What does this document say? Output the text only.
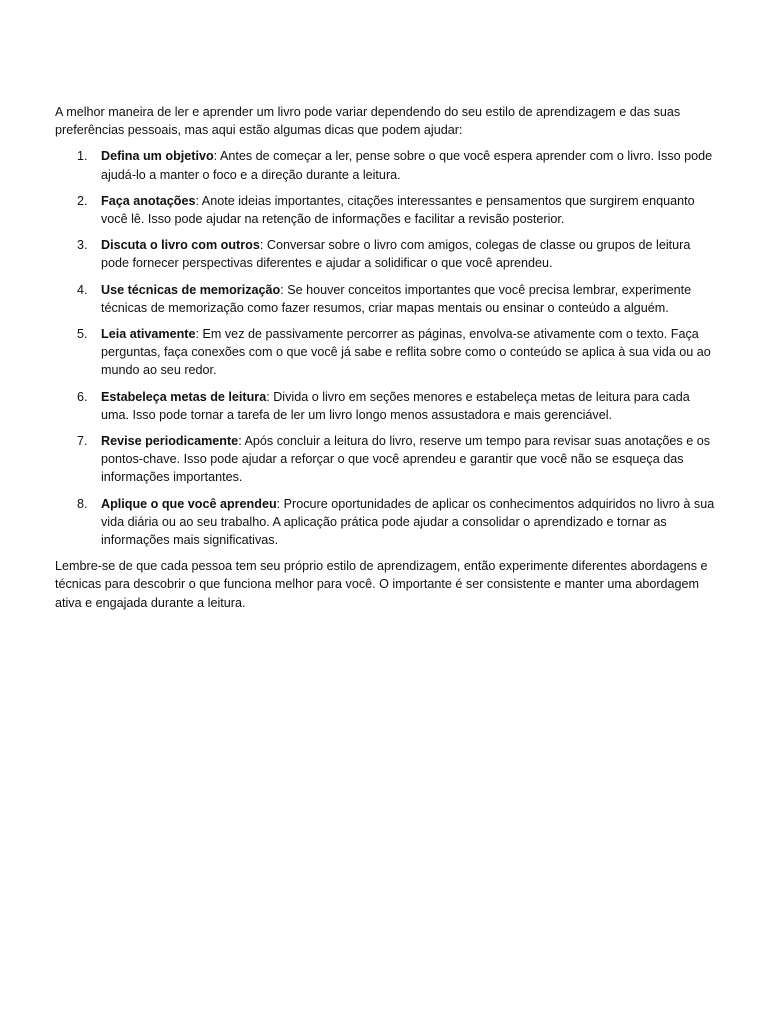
A melhor maneira de ler e aprender um livro pode variar dependendo do seu estilo de aprendizagem e das suas preferências pessoais, mas aqui estão algumas dicas que podem ajudar:

1. Defina um objetivo: Antes de começar a ler, pense sobre o que você espera aprender com o livro. Isso pode ajudá-lo a manter o foco e a direção durante a leitura.
2. Faça anotações: Anote ideias importantes, citações interessantes e pensamentos que surgirem enquanto você lê. Isso pode ajudar na retenção de informações e facilitar a revisão posterior.
3. Discuta o livro com outros: Conversar sobre o livro com amigos, colegas de classe ou grupos de leitura pode fornecer perspectivas diferentes e ajudar a solidificar o que você aprendeu.
4. Use técnicas de memorização: Se houver conceitos importantes que você precisa lembrar, experimente técnicas de memorização como fazer resumos, criar mapas mentais ou ensinar o conteúdo a alguém.
5. Leia ativamente: Em vez de passivamente percorrer as páginas, envolva-se ativamente com o texto. Faça perguntas, faça conexões com o que você já sabe e reflita sobre como o conteúdo se aplica à sua vida ou ao mundo ao seu redor.
6. Estabeleça metas de leitura: Divida o livro em seções menores e estabeleça metas de leitura para cada uma. Isso pode tornar a tarefa de ler um livro longo menos assustadora e mais gerenciável.
7. Revise periodicamente: Após concluir a leitura do livro, reserve um tempo para revisar suas anotações e os pontos-chave. Isso pode ajudar a reforçar o que você aprendeu e garantir que você não se esqueça das informações importantes.
8. Aplique o que você aprendeu: Procure oportunidades de aplicar os conhecimentos adquiridos no livro à sua vida diária ou ao seu trabalho. A aplicação prática pode ajudar a consolidar o aprendizado e tornar as informações mais significativas.

Lembre-se de que cada pessoa tem seu próprio estilo de aprendizagem, então experimente diferentes abordagens e técnicas para descobrir o que funciona melhor para você. O importante é ser consistente e manter uma abordagem ativa e engajada durante a leitura.
